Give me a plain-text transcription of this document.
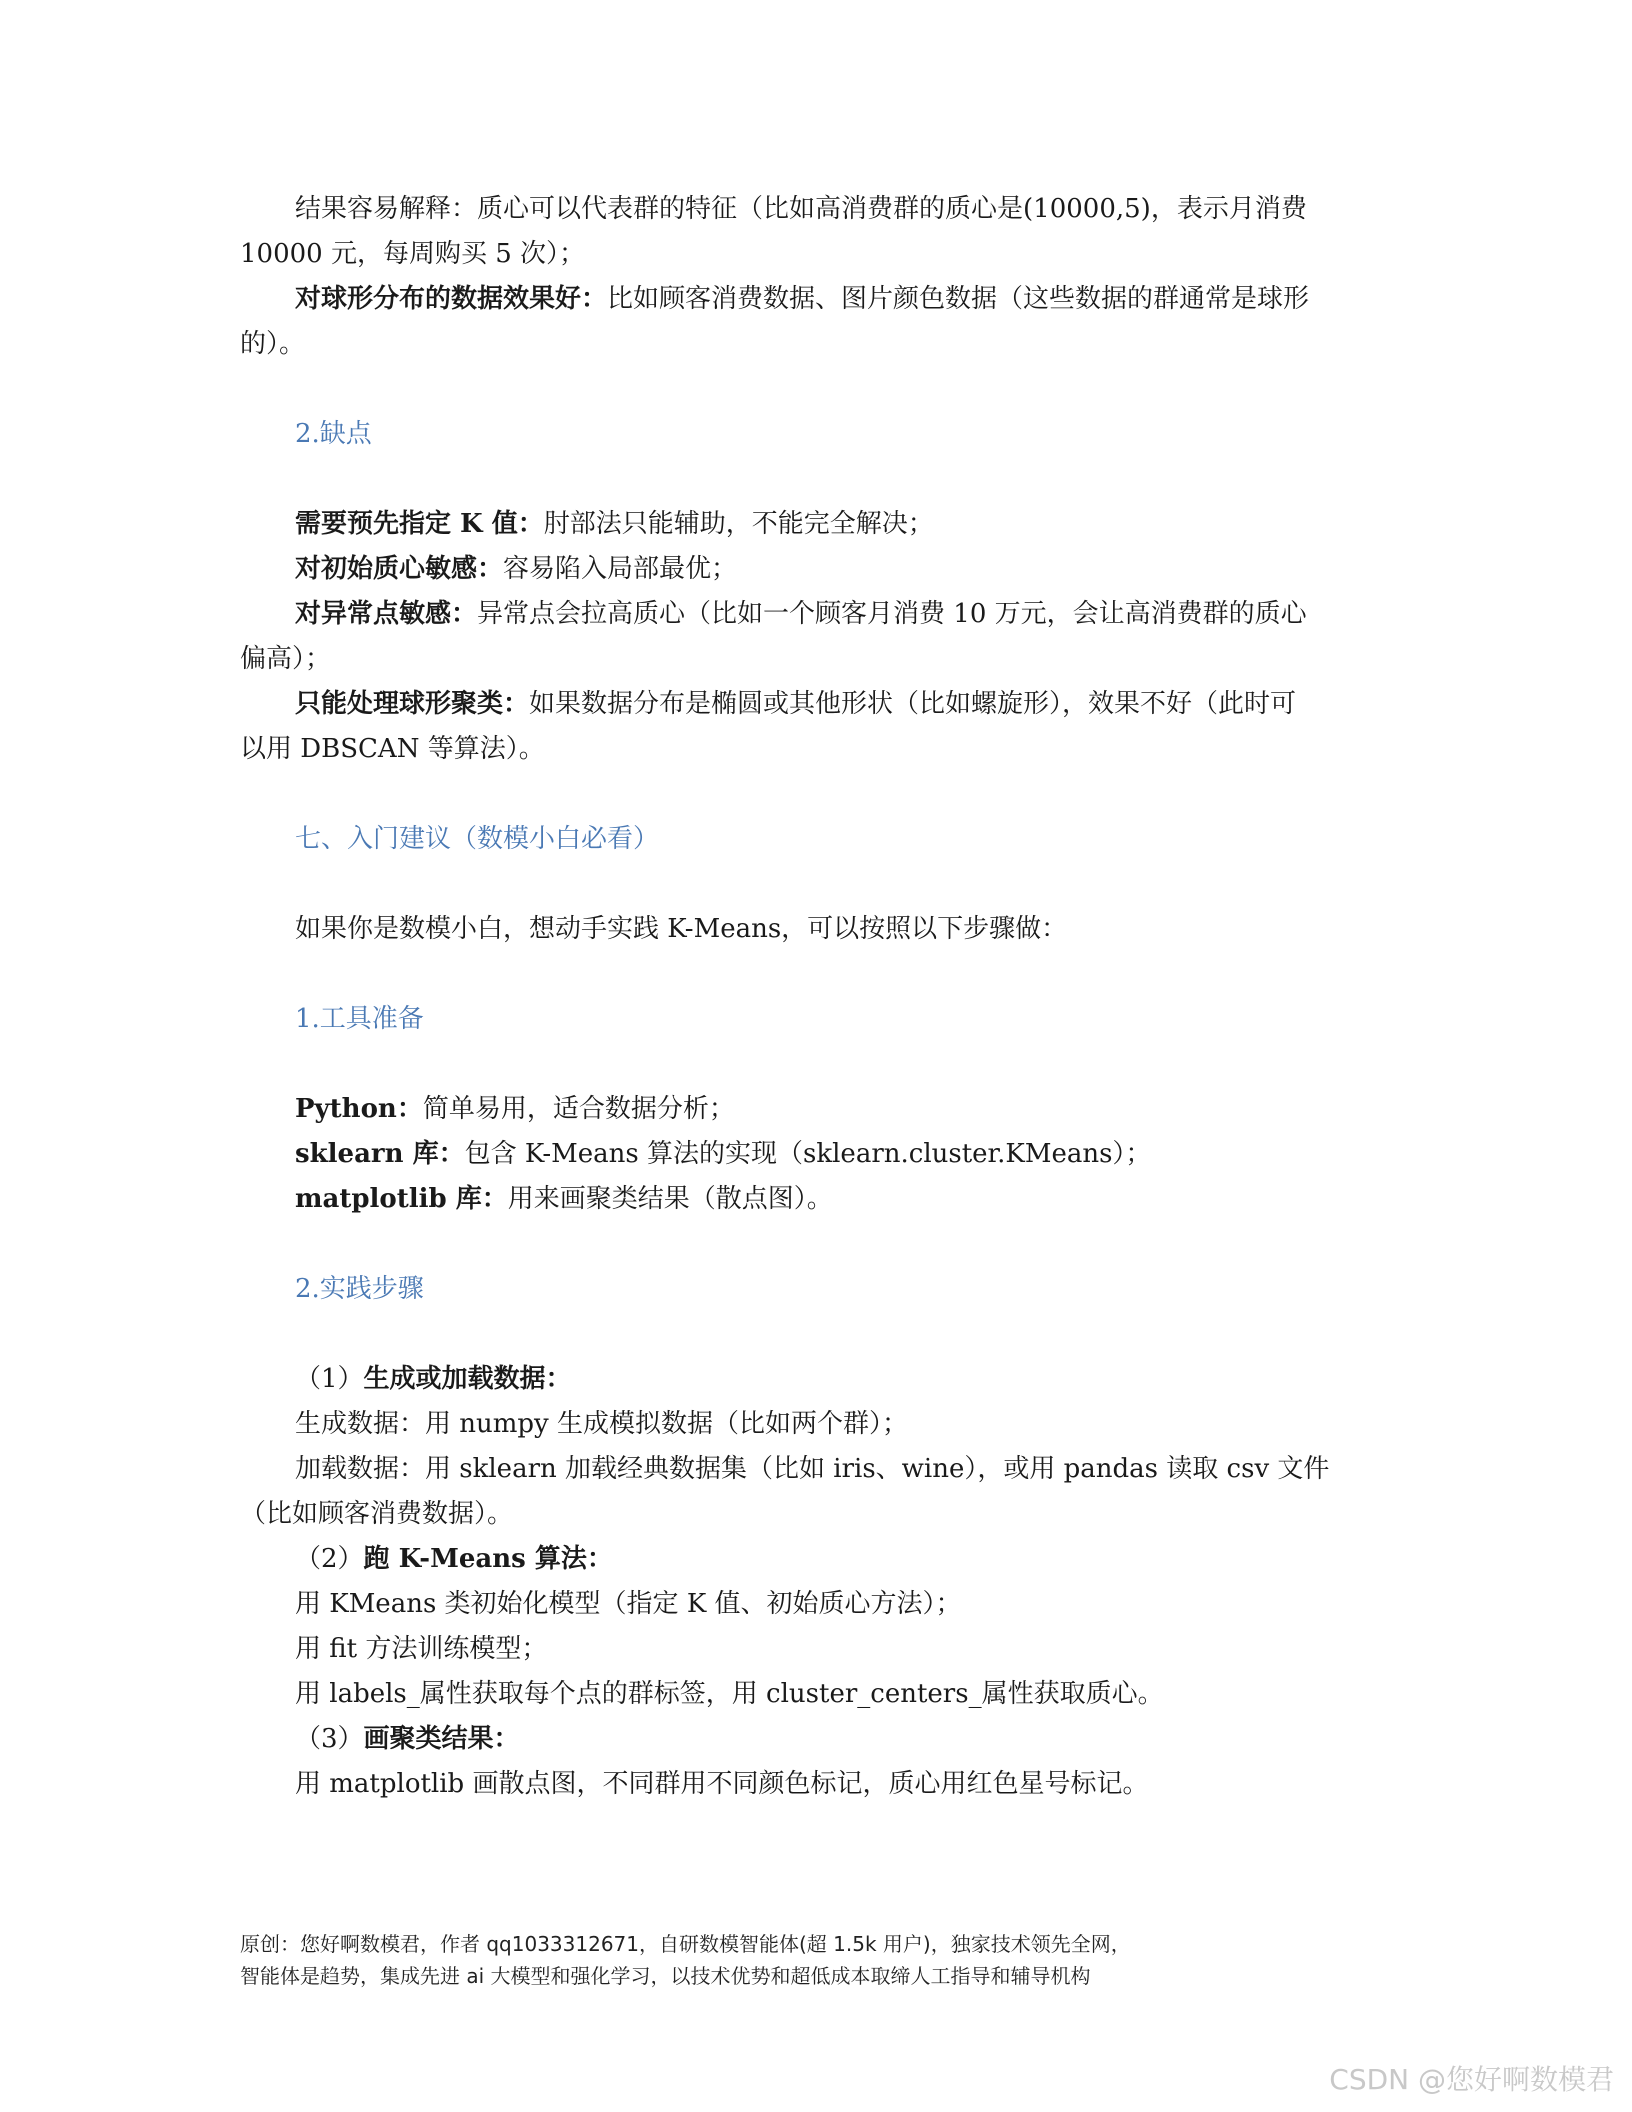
结果容易解释：质心可以代表群的特征（比如高消费群的质心是(10000,5)，表示月消费
10000 元，每周购买 5 次）；
对球形分布的数据效果好：比如顾客消费数据、图片颜色数据（这些数据的群通常是球形
的）。
2.缺点
需要预先指定 K 值：肘部法只能辅助，不能完全解决；
对初始质心敏感：容易陷入局部最优；
对异常点敏感：异常点会拉高质心（比如一个顾客月消费 10 万元，会让高消费群的质心
偏高）；
只能处理球形聚类：如果数据分布是椭圆或其他形状（比如螺旋形），效果不好（此时可
以用 DBSCAN 等算法）。
七、入门建议（数模小白必看）
如果你是数模小白，想动手实践 K-Means，可以按照以下步骤做：
1.工具准备
Python：简单易用，适合数据分析；
sklearn 库：包含 K-Means 算法的实现（sklearn.cluster.KMeans）；
matplotlib 库：用来画聚类结果（散点图）。
2.实践步骤
（1）生成或加载数据：
生成数据：用 numpy 生成模拟数据（比如两个群）；
加载数据：用 sklearn 加载经典数据集（比如 iris、wine），或用 pandas 读取 csv 文件
（比如顾客消费数据）。
（2）跑 K-Means 算法：
用 KMeans 类初始化模型（指定 K 值、初始质心方法）；
用 fit 方法训练模型；
用 labels_属性获取每个点的群标签，用 cluster_centers_属性获取质心。
（3）画聚类结果：
用 matplotlib 画散点图，不同群用不同颜色标记，质心用红色星号标记。
原创：您好啊数模君，作者 qq1033312671，自研数模智能体(超 1.5k 用户)，独家技术领先全网，
智能体是趋势，集成先进 ai 大模型和强化学习，以技术优势和超低成本取缔人工指导和辅导机构
CSDN @您好啊数模君
